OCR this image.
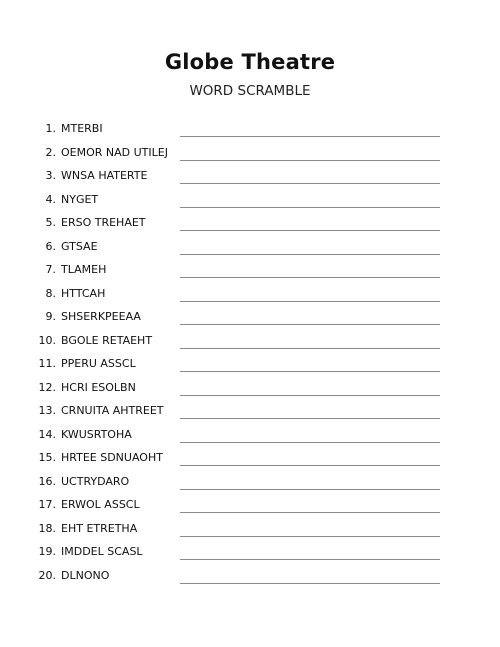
Globe Theatre
WORD SCRAMBLE
1. MTERBI
2. OEMOR NAD UTILEJ
3. WNSA HATERTE
4. NYGET
5. ERSO TREHAET
6. GTSAE
7. TLAMEH
8. HTTCAH
9. SHSERKPEEAA
10. BGOLE RETAEHT
11. PPERU ASSCL
12. HCRI ESOLBN
13. CRNUITA AHTREET
14. KWUSRTOHA
15. HRTEE SDNUAOHT
16. UCTRYDARO
17. ERWOL ASSCL
18. EHT ETRETHA
19. IMDDEL SCASL
20. DLNONO
